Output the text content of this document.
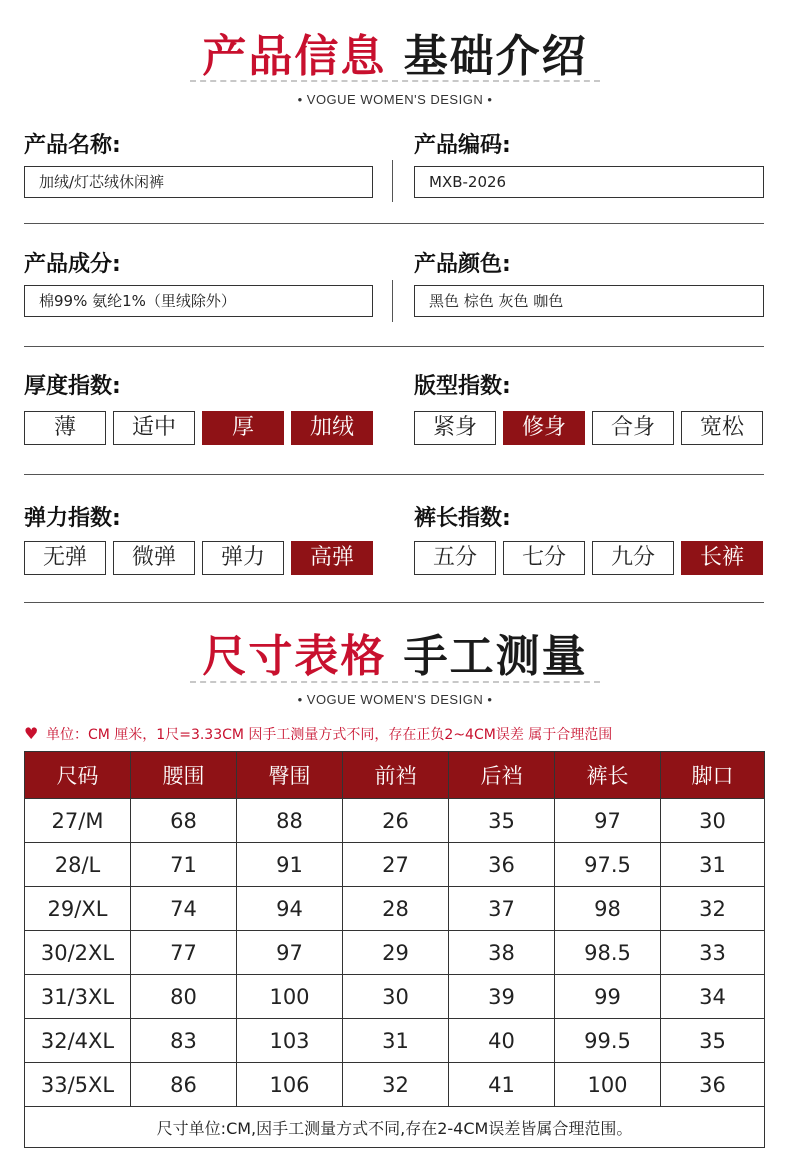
产品信息 基础介绍
• VOGUE WOMEN'S DESIGN •
产品名称:
加绒/灯芯绒休闲裤
产品编码:
MXB-2026
产品成分:
棉99% 氨纶1%（里绒除外）
产品颜色:
黑色 棕色 灰色 咖色
厚度指数:
薄	适中	厚	加绒
版型指数:
紧身	修身	合身	宽松
弹力指数:
无弹	微弹	弹力	高弹
裤长指数:
五分	七分	九分	长裤
尺寸表格 手工测量
• VOGUE WOMEN'S DESIGN •
♥ 单位：CM 厘米，1尺=3.33CM 因手工测量方式不同，存在正负2~4CM误差 属于合理范围
尺码	腰围	臀围	前裆	后裆	裤长	脚口
27/M	68	88	26	35	97	30
28/L	71	91	27	36	97.5	31
29/XL	74	94	28	37	98	32
30/2XL	77	97	29	38	98.5	33
31/3XL	80	100	30	39	99	34
32/4XL	83	103	31	40	99.5	35
33/5XL	86	106	32	41	100	36
尺寸单位:CM,因手工测量方式不同,存在2-4CM误差皆属合理范围。						
